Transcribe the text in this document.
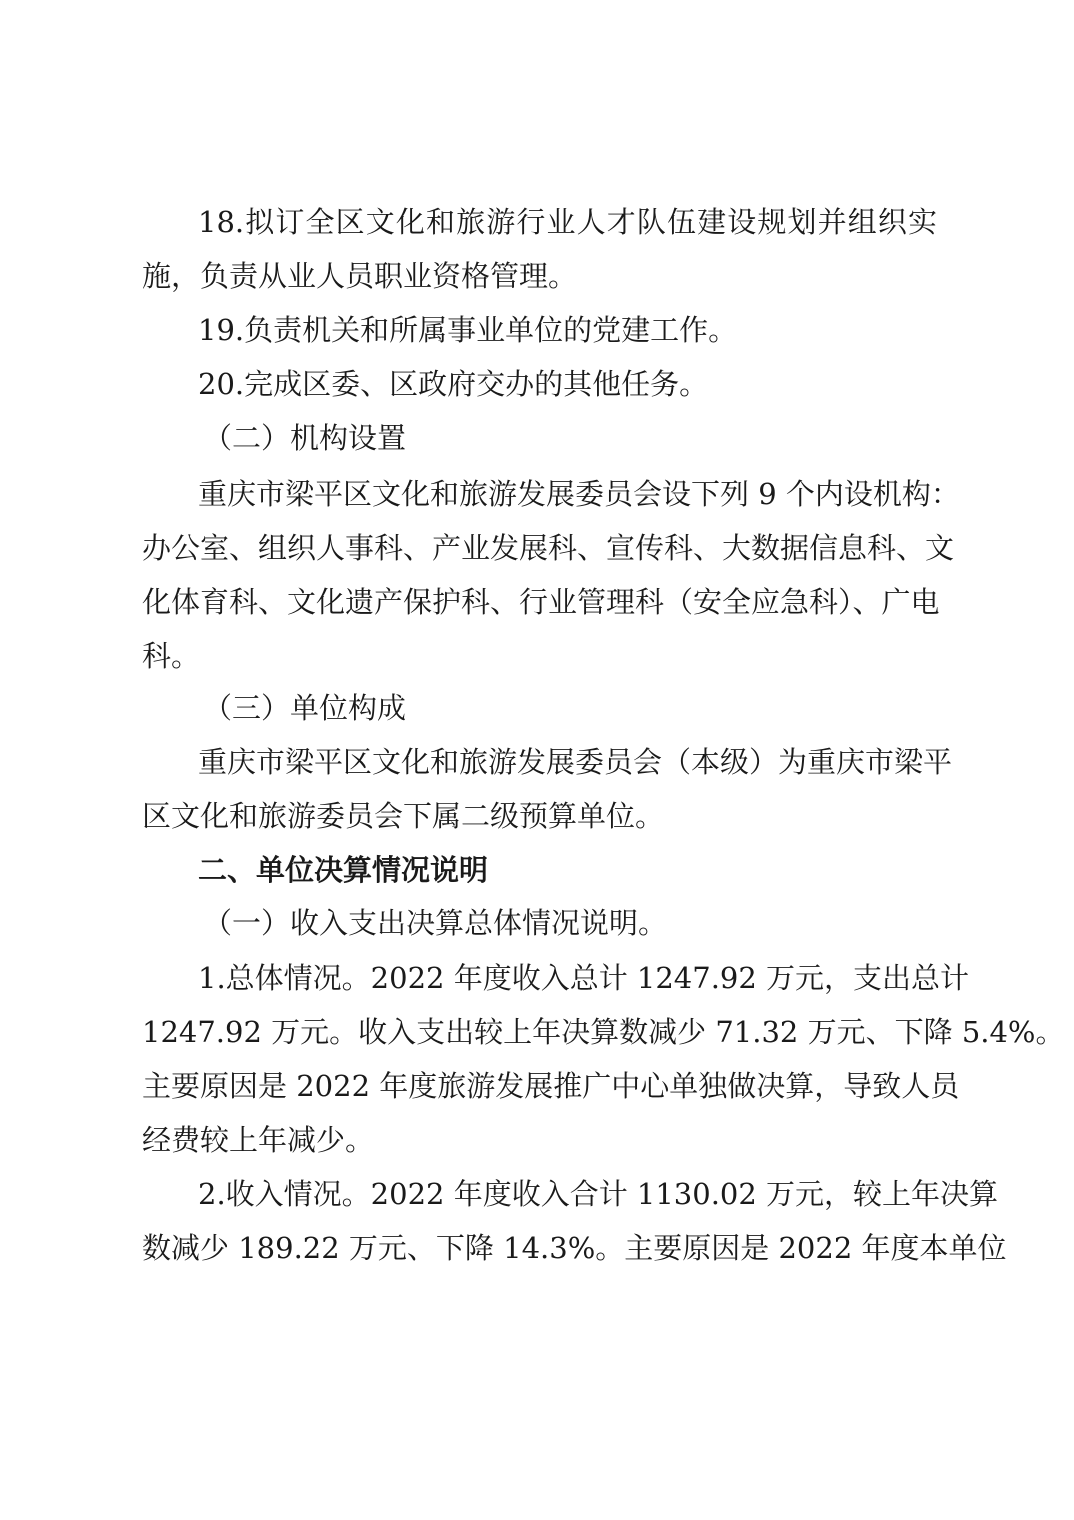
18.拟订全区文化和旅游行业人才队伍建设规划并组织实
施，负责从业人员职业资格管理。
19.负责机关和所属事业单位的党建工作。
20.完成区委、区政府交办的其他任务。
（二）机构设置
重庆市梁平区文化和旅游发展委员会设下列 9 个内设机构：
办公室、组织人事科、产业发展科、宣传科、大数据信息科、文
化体育科、文化遗产保护科、行业管理科（安全应急科）、广电
科。
（三）单位构成
重庆市梁平区文化和旅游发展委员会（本级）为重庆市梁平
区文化和旅游委员会下属二级预算单位。
二、单位决算情况说明
（一）收入支出决算总体情况说明。
1.总体情况。2022 年度收入总计 1247.92 万元，支出总计
1247.92 万元。收入支出较上年决算数减少 71.32 万元、下降 5.4%。
主要原因是 2022 年度旅游发展推广中心单独做决算，导致人员
经费较上年减少。
2.收入情况。2022 年度收入合计 1130.02 万元，较上年决算
数减少 189.22 万元、下降 14.3%。主要原因是 2022 年度本单位
